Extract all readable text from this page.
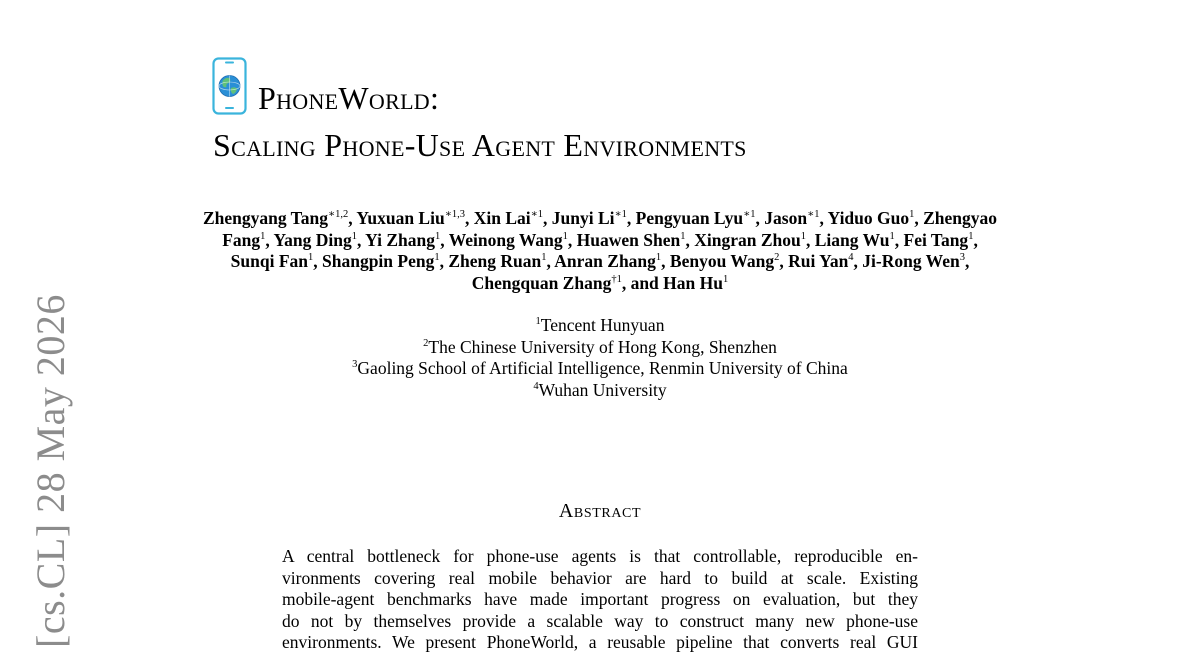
[cs.CL] 28 May 2026
PhoneWorld:
Scaling Phone-Use Agent Environments
Zhengyang Tang$^{∗1,2}$, Yuxuan Liu$^{∗1,3}$, Xin Lai$^{∗1}$, Junyi $Li^{∗1}$, Pengyuan Lyu$^{∗1}$, Jason$^{∗1}$, Yiduo Guo$^1$, Zhengyao Fang$^1$, Yang Ding$^1$, Yi Zhang$^1$, Weinong Wang$^1$, Huawen Shen$^1$, Xingran Zhou$^1$, Liang Wu$^1$, Fei Tang$^1$, Sunqi Fan$^1$, Shangpin Peng$^1$, Zheng Ruan$^1$, Anran Zhang$^1$, Benyou Wang$^2$, Rui Yan$^4$, Ji-Rong Wen$^3$, Chengquan Zhang$^{\dagger 1}$, and Han Hu$^1$
$^1$Tencent Hunyuan
$^2$The Chinese University of Hong Kong, Shenzhen
$^3$Gaoling School of Artificial Intelligence, Renmin University of China
$^4$Wuhan University
Abstract
A central bottleneck for phone-use agents is that controllable, reproducible en-
vironments covering real mobile behavior are hard to build at scale. Existing
mobile-agent benchmarks have made important progress on evaluation, but they
do not by themselves provide a scalable way to construct many new phone-use
environments. We present PhoneWorld, a reusable pipeline that converts real GUI
